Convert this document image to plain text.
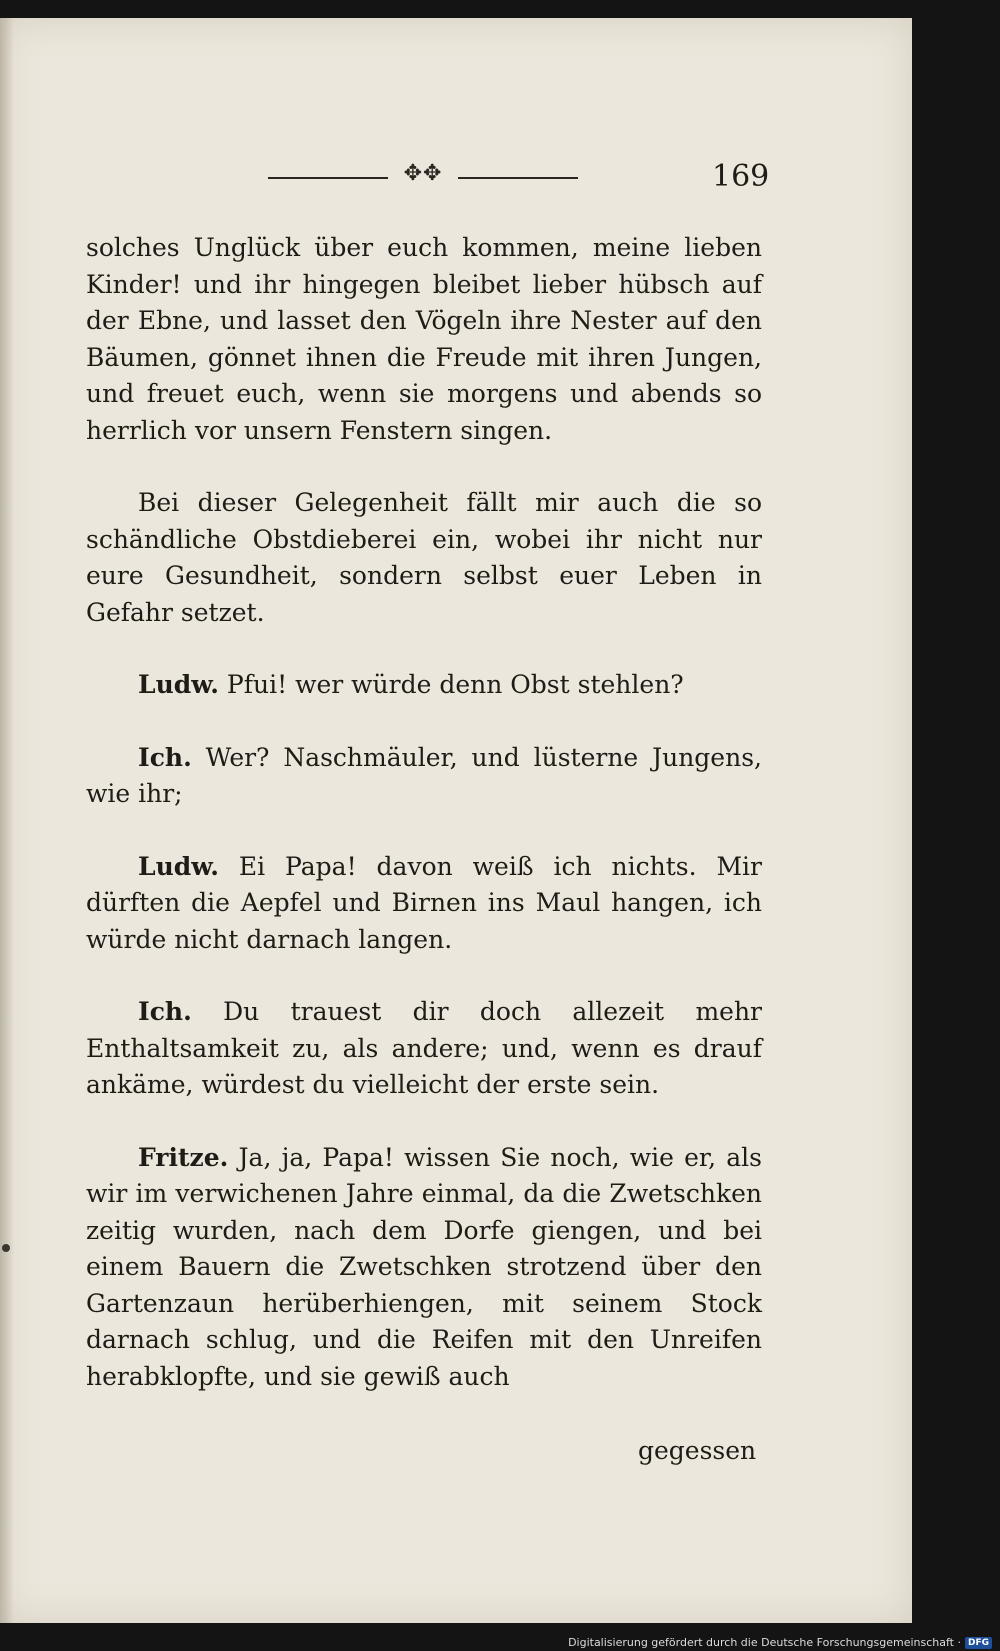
✥✥	169

solches Unglück über euch kommen, meine lieben Kinder! und ihr hingegen bleibet lieber hübsch auf der Ebne, und lasset den Vögeln ihre Nester auf den Bäumen, gönnet ihnen die Freude mit ihren Jungen, und freuet euch, wenn sie morgens und abends so herrlich vor unsern Fenstern singen.

Bei dieser Gelegenheit fällt mir auch die so schändliche Obstdieberei ein, wobei ihr nicht nur eure Gesundheit, sondern selbst euer Leben in Gefahr setzet.

Ludw. Pfui! wer würde denn Obst stehlen?

Ich. Wer? Naschmäuler, und lüsterne Jungens, wie ihr;

Ludw. Ei Papa! davon weiß ich nichts. Mir dürften die Aepfel und Birnen ins Maul hangen, ich würde nicht darnach langen.

Ich. Du trauest dir doch allezeit mehr Enthaltsamkeit zu, als andere; und, wenn es drauf ankäme, würdest du vielleicht der erste sein.

Fritze. Ja, ja, Papa! wissen Sie noch, wie er, als wir im verwichenen Jahre einmal, da die Zwetschken zeitig wurden, nach dem Dorfe giengen, und bei einem Bauern die Zwetschken strotzend über den Gartenzaun herüberhiengen, mit seinem Stock darnach schlug, und die Reifen mit den Unreifen herabklopfte, und sie gewiß auch

gegessen
Digitalisierung gefördert durch die Deutsche Forschungsgemeinschaft · DFG
